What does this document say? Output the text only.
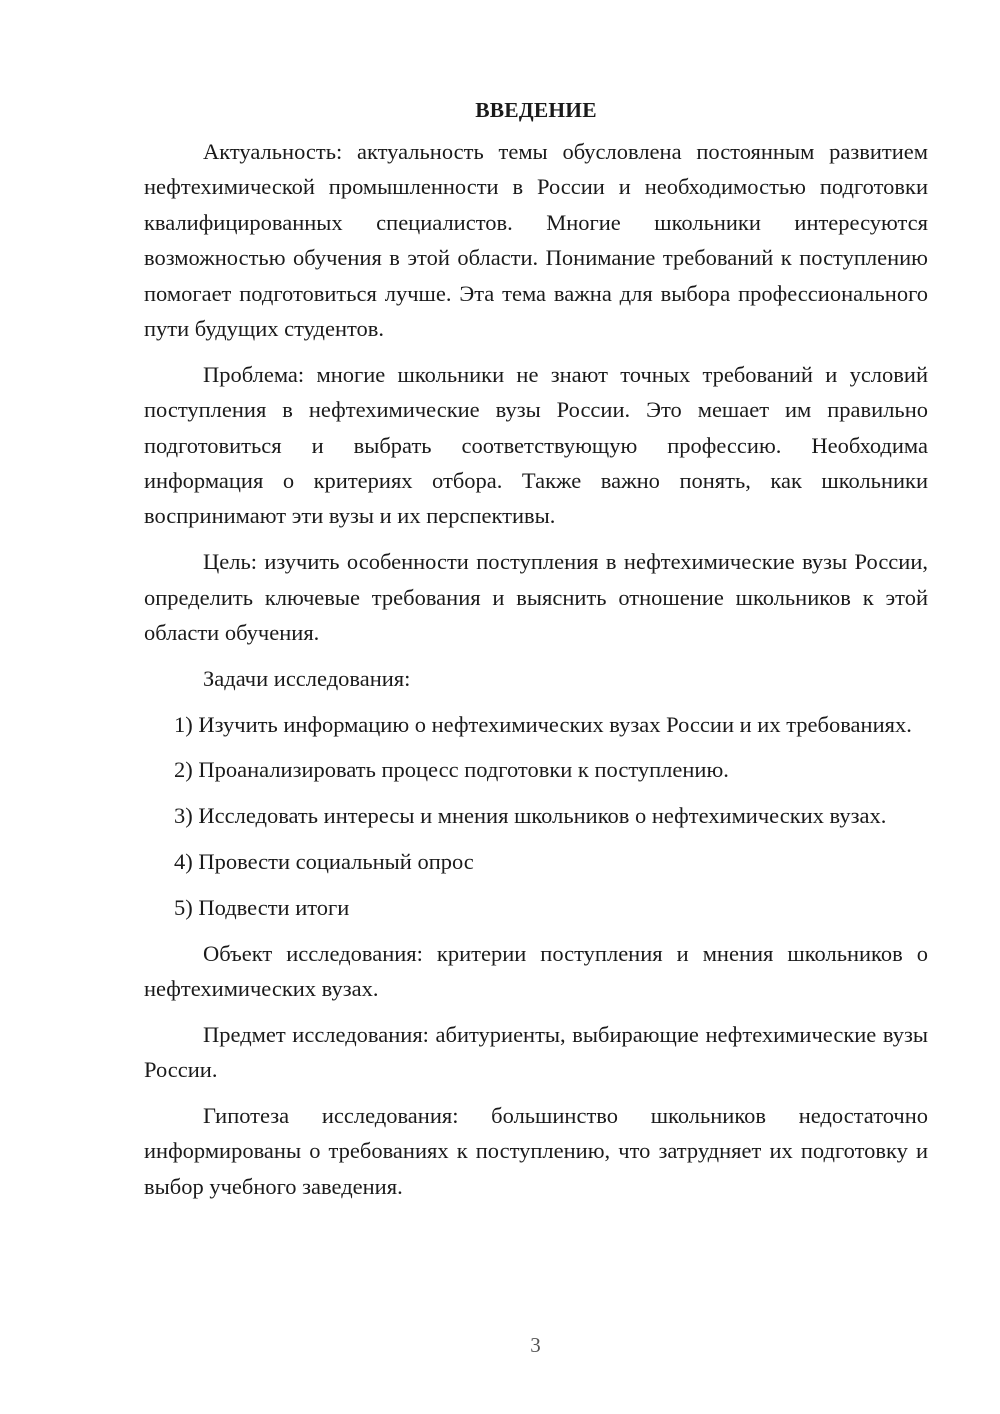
ВВЕДЕНИЕ

Актуальность: актуальность темы обусловлена постоянным развитием нефтехимической промышленности в России и необходимостью подготовки квалифицированных специалистов. Многие школьники интересуются возможностью обучения в этой области. Понимание требований к поступлению помогает подготовиться лучше. Эта тема важна для выбора профессионального пути будущих студентов.

Проблема: многие школьники не знают точных требований и условий поступления в нефтехимические вузы России. Это мешает им правильно подготовиться и выбрать соответствующую профессию. Необходима информация о критериях отбора. Также важно понять, как школьники воспринимают эти вузы и их перспективы.

Цель: изучить особенности поступления в нефтехимические вузы России, определить ключевые требования и выяснить отношение школьников к этой области обучения.

Задачи исследования:

1) Изучить информацию о нефтехимических вузах России и их требованиях.

2) Проанализировать процесс подготовки к поступлению.

3) Исследовать интересы и мнения школьников о нефтехимических вузах.

4) Провести социальный опрос

5) Подвести итоги

Объект исследования: критерии поступления и мнения школьников о нефтехимических вузах.

Предмет исследования: абитуриенты, выбирающие нефтехимические вузы России.

Гипотеза исследования: большинство школьников недостаточно информированы о требованиях к поступлению, что затрудняет их подготовку и выбор учебного заведения.

3
